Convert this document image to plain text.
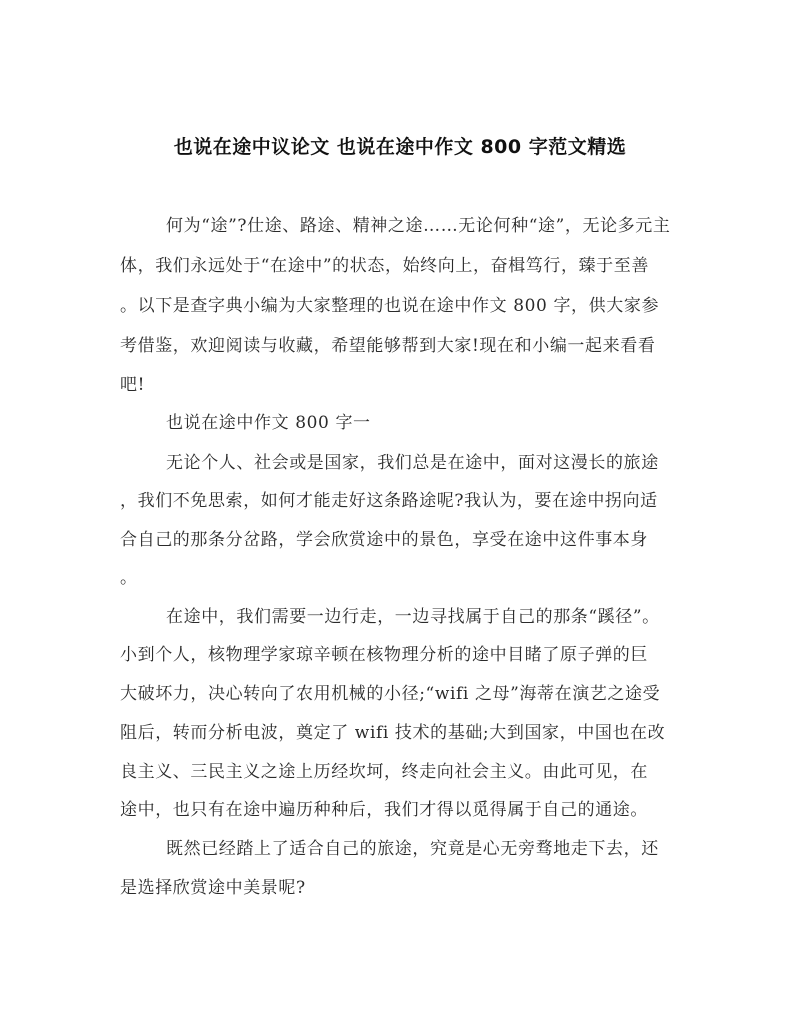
也说在途中议论文 也说在途中作文 800 字范文精选
何为“途”?仕途、路途、精神之途……无论何种“途”，无论多元主
体，我们永远处于“在途中”的状态，始终向上，奋楫笃行，臻于至善
。以下是查字典小编为大家整理的也说在途中作文 800 字，供大家参
考借鉴，欢迎阅读与收藏，希望能够帮到大家!现在和小编一起来看看
吧!
也说在途中作文 800 字一
无论个人、社会或是国家，我们总是在途中，面对这漫长的旅途
，我们不免思索，如何才能走好这条路途呢?我认为，要在途中拐向适
合自己的那条分岔路，学会欣赏途中的景色，享受在途中这件事本身
。
在途中，我们需要一边行走，一边寻找属于自己的那条“蹊径”。
小到个人，核物理学家琼辛顿在核物理分析的途中目睹了原子弹的巨
大破坏力，决心转向了农用机械的小径;“wifi 之母”海蒂在演艺之途受
阻后，转而分析电波，奠定了 wifi 技术的基础;大到国家，中国也在改
良主义、三民主义之途上历经坎坷，终走向社会主义。由此可见，在
途中，也只有在途中遍历种种后，我们才得以觅得属于自己的通途。
既然已经踏上了适合自己的旅途，究竟是心无旁骛地走下去，还
是选择欣赏途中美景呢?
